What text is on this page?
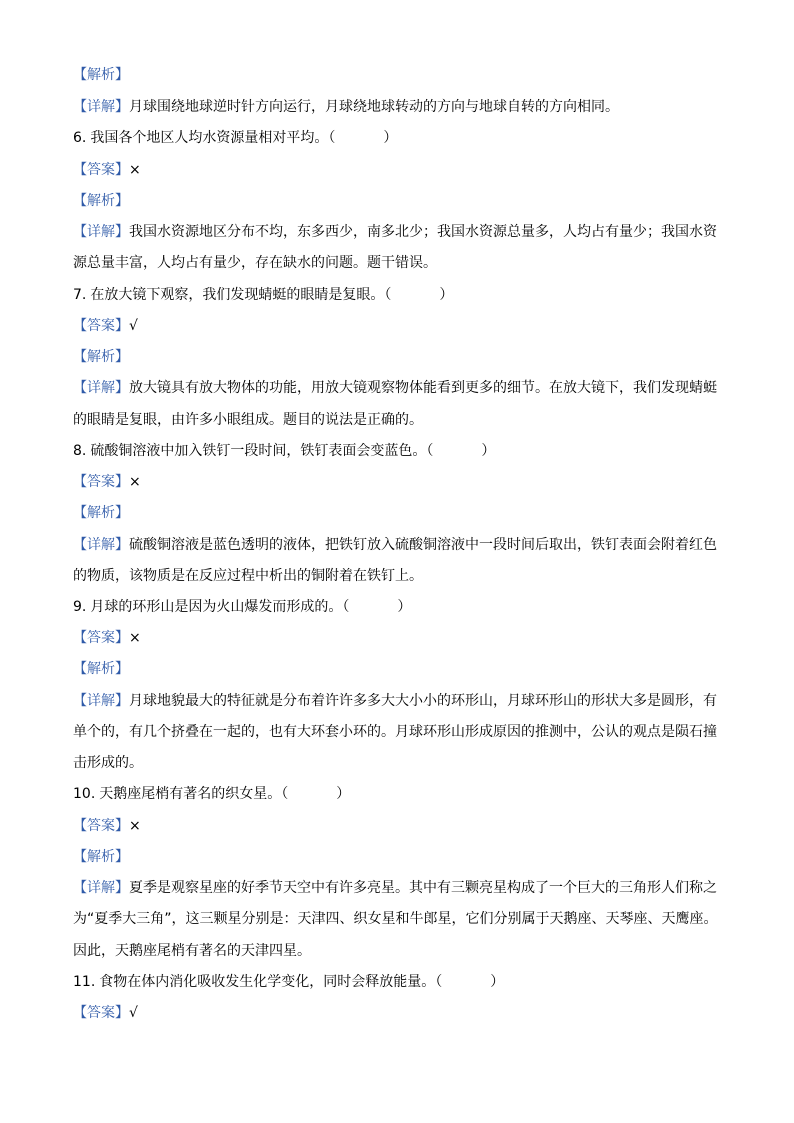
【解析】
【详解】月球围绕地球逆时针方向运行，月球绕地球转动的方向与地球自转的方向相同。
6. 我国各个地区人均水资源量相对平均。（	）
【答案】×
【解析】
【详解】我国水资源地区分布不均，东多西少，南多北少；我国水资源总量多，人均占有量少；我国水资
源总量丰富，人均占有量少，存在缺水的问题。题干错误。
7. 在放大镜下观察，我们发现蜻蜓的眼睛是复眼。（	）
【答案】√
【解析】
【详解】放大镜具有放大物体的功能，用放大镜观察物体能看到更多的细节。在放大镜下，我们发现蜻蜓
的眼睛是复眼，由许多小眼组成。题目的说法是正确的。
8. 硫酸铜溶液中加入铁钉一段时间，铁钉表面会变蓝色。（	）
【答案】×
【解析】
【详解】硫酸铜溶液是蓝色透明的液体，把铁钉放入硫酸铜溶液中一段时间后取出，铁钉表面会附着红色
的物质，该物质是在反应过程中析出的铜附着在铁钉上。
9. 月球的环形山是因为火山爆发而形成的。（	）
【答案】×
【解析】
【详解】月球地貌最大的特征就是分布着许许多多大大小小的环形山，月球环形山的形状大多是圆形，有
单个的，有几个挤叠在一起的，也有大环套小环的。月球环形山形成原因的推测中，公认的观点是陨石撞
击形成的。
10. 天鹅座尾梢有著名的织女星。（	）
【答案】×
【解析】
【详解】夏季是观察星座的好季节天空中有许多亮星。其中有三颗亮星构成了一个巨大的三角形人们称之
为“夏季大三角”，这三颗星分别是：天津四、织女星和牛郎星，它们分别属于天鹅座、天琴座、天鹰座。
因此，天鹅座尾梢有著名的天津四星。
11. 食物在体内消化吸收发生化学变化，同时会释放能量。（	）
【答案】√
